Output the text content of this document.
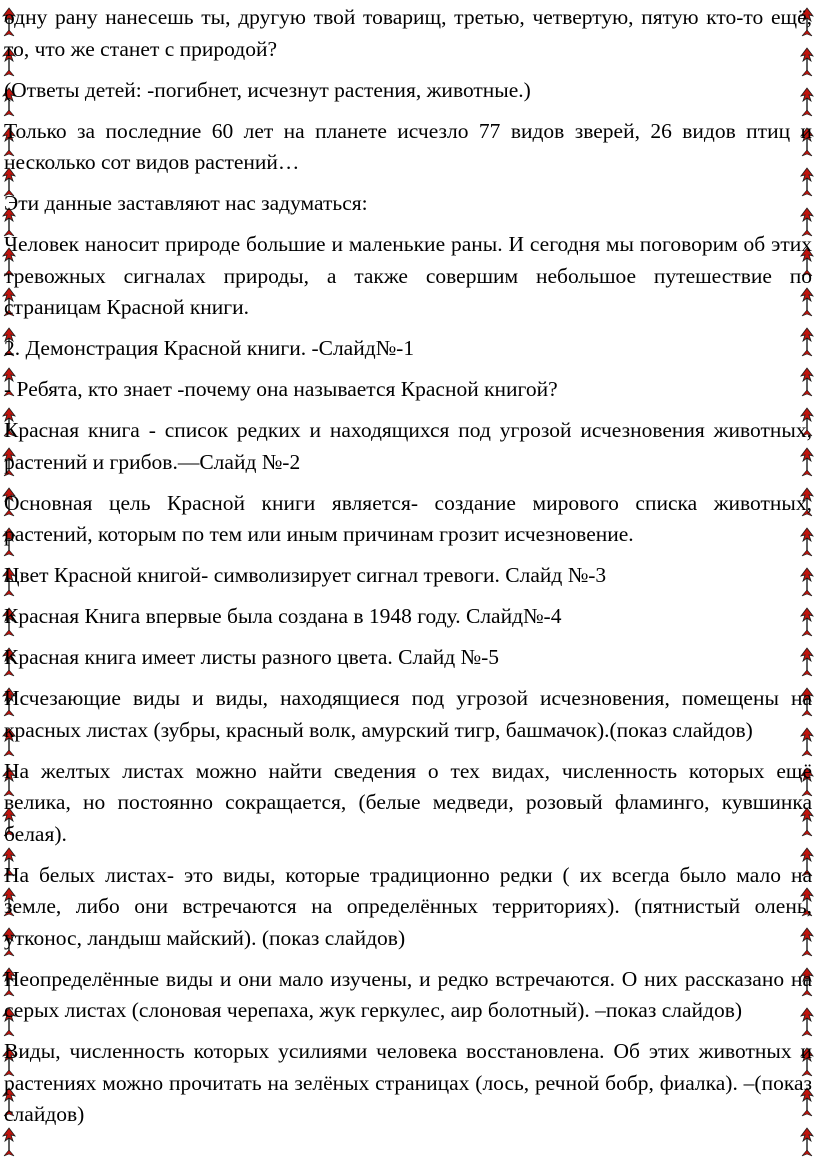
одну рану нанесешь ты, другую твой товарищ, третью, четвертую, пятую кто-то ещё, то, что же станет с природой?

(Ответы детей: -погибнет, исчезнут растения, животные.)

Только за последние 60 лет на планете исчезло 77 видов зверей, 26 видов птиц и несколько сот видов растений…

Эти данные заставляют нас задуматься:

Человек наносит природе большие и маленькие раны. И сегодня мы поговорим об этих тревожных сигналах природы, а также совершим небольшое путешествие по страницам Красной книги.

2. Демонстрация Красной книги. -Слайд№-1

- Ребята, кто знает -почему она называется Красной книгой?

Красная книга - список редких и находящихся под угрозой исчезновения животных, растений и грибов.—Слайд №-2

Основная цель Красной книги является- создание мирового списка животных, растений, которым по тем или иным причинам грозит исчезновение.

Цвет Красной книгой- символизирует сигнал тревоги. Слайд №-3

Красная Книга впервые была создана в 1948 году. Слайд№-4

Красная книга имеет листы разного цвета. Слайд №-5

Исчезающие виды и виды, находящиеся под угрозой исчезновения, помещены на красных листах (зубры, красный волк, амурский тигр, башмачок).(показ слайдов)

На желтых листах можно найти сведения о тех видах, численность которых ещё велика, но постоянно сокращается, (белые медведи, розовый фламинго, кувшинка белая).

На белых листах- это виды, которые традиционно редки ( их всегда было мало на земле, либо они встречаются на определённых территориях). (пятнистый олень, утконос, ландыш майский). (показ слайдов)

Неопределённые виды и они мало изучены, и редко встречаются. О них рассказано на серых листах (слоновая черепаха, жук геркулес, аир болотный). –показ слайдов)

Виды, численность которых усилиями человека восстановлена. Об этих животных и растениях можно прочитать на зелёных страницах (лось, речной бобр, фиалка). –(показ слайдов)
